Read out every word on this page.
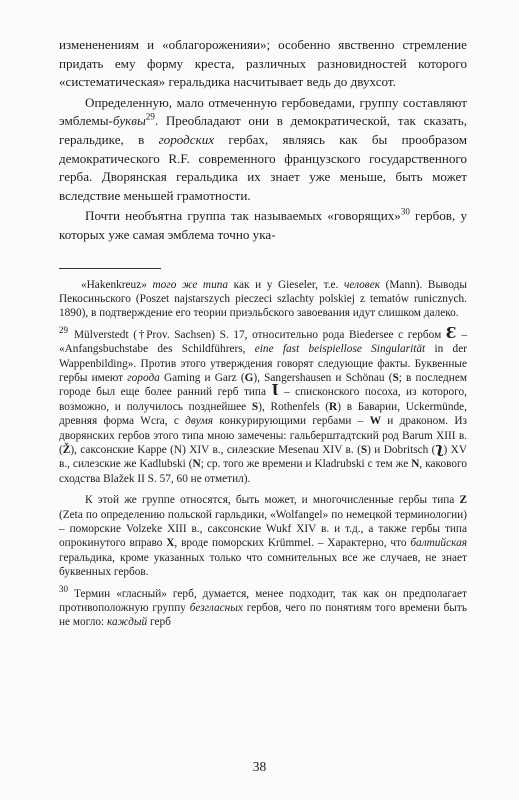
измененениям и «облагороженияи»; особенно явственно стремление придать ему форму креста, различных разновидностей которого «систематическая» геральдика насчитывает ведь до двухсот.

Определенную, мало отмеченную гербоведами, группу составляют эмблемы-буквы$^{29}$. Преобладают они в демократической, так сказать, геральдике, в городских гербах, являясь как бы прообразом демократического R.F. современного французского государственного герба. Дворянская геральдика их знает уже меньше, быть может вследствие меньшей грамотности.

Почти необъятна группа так называемых «говорящих»$^{30}$ гербов, у которых уже самая эмблема точно ука-

«Hakenkreuz» того же типа как и у Gieseler, т.е. человек (Mann). Выводы Пекосиньского (Poszet najstarszych pieczeci szlachty polskiej z tematów runicznych. 1890), в подтверждение его теории приэльбского завоевания идут слишком далеко.

$^{29}$ Mülverstedt (†Prov. Sachsen) S. 17, относительно рода Biedersee с гербом Ɛ – «Anfangsbuchstabe des Schildführers, eine fast beispiellose Singularität in der Wappenbilding». Против этого утверждения говорят следующие факты. Буквенные гербы имеют города Gaming и Garz (G), Sangershausen и Schönau (S; в последнем городе был еще более ранний герб типа Ɩ – списконского посоха, из которого, возможно, и получилось позднейшее S), Rothenfels (R) в Баварии, Uckermünde, древняя форма Wcra, с двумя конкурирующими гербами – W и драконом. Из дворянских гербов этого типа мною замечены: гальберштадтский род Barum XIII в. (Ž), саксонские Kappe (N) XIV в., силезские Mesenau XIV в. (S) и Dobritsch (ʅ) XV в., силезские же Kadlubski (N; ср. того же времени и Kladrubski с тем же N, какового сходства Blažek II S. 57, 60 не отметил).

К этой же группе относятся, быть может, и многочисленные гербы типа Z (Zeta по определению польской гарльдики, «Wolfangel» по немецкой терминологии) – поморские Volzeke XIII в., саксонские Wukf XIV в. и т.д., а также гербы типа опрокинутого вправо X, вроде поморских Krümmel. – Характерно, что балтийская геральдика, кроме указанных только что сомнительных все же случаев, не знает буквенных гербов.

$^{30}$ Термин «гласный» герб, думается, менее подходит, так как он предполагает противоположную группу безгласных гербов, чего по понятиям того времени быть не могло: каждый герб

38
